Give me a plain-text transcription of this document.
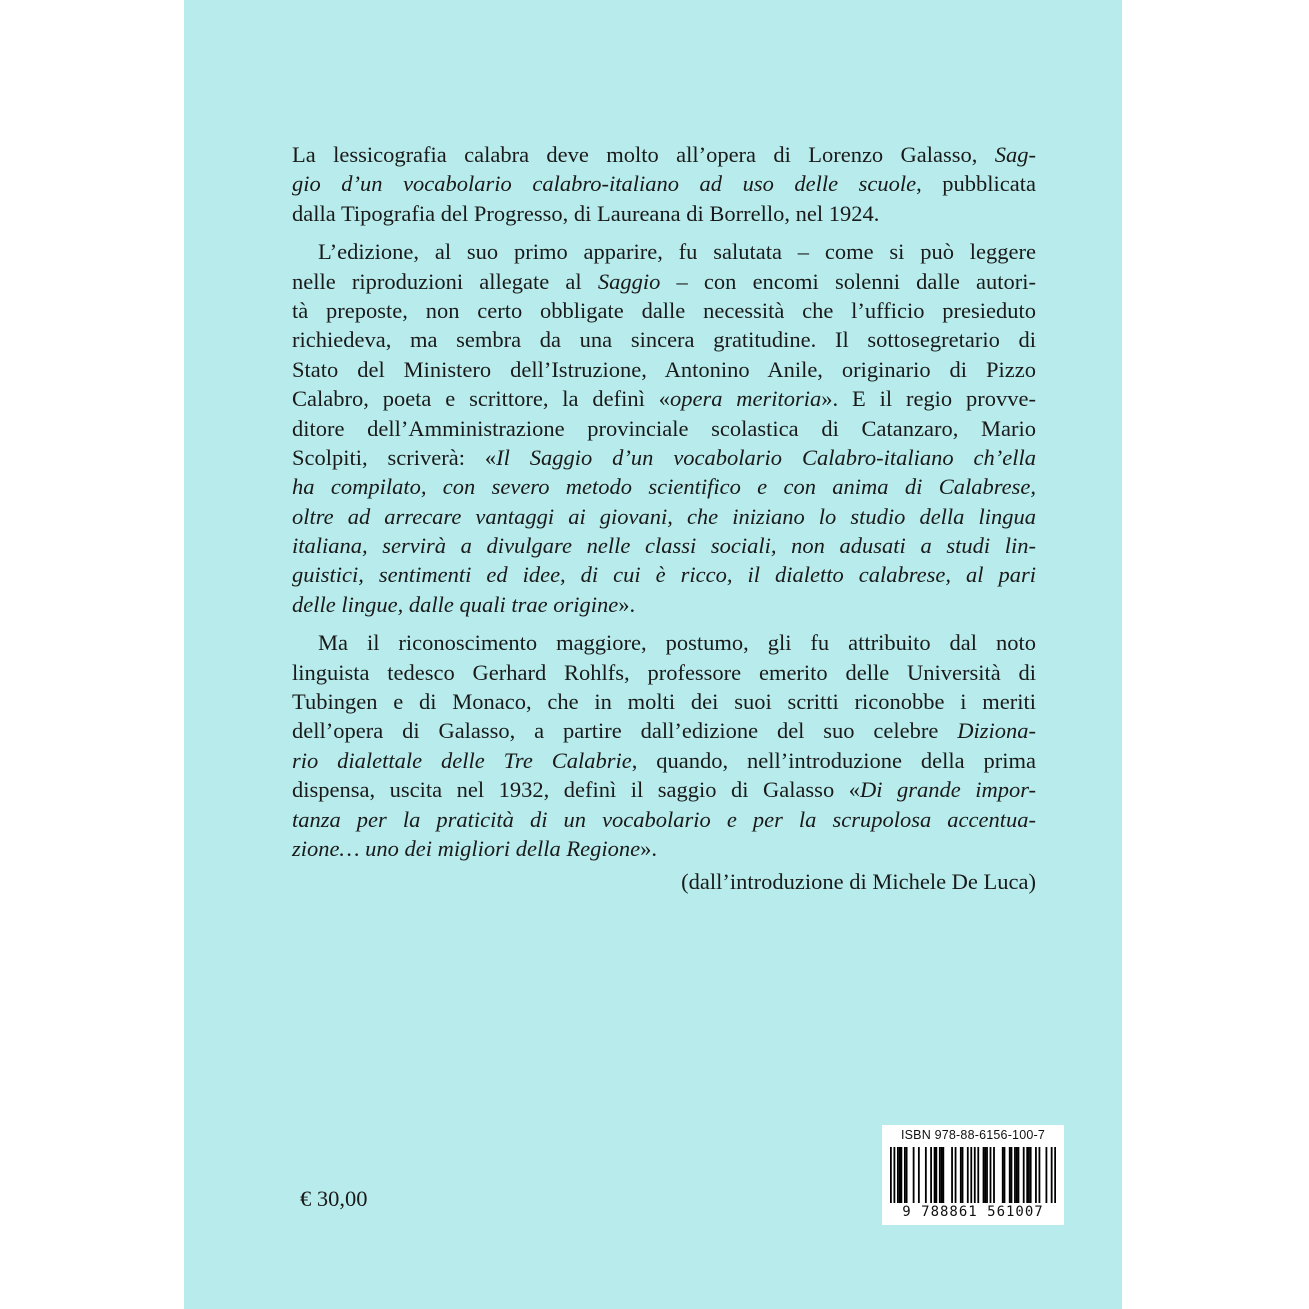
La lessicografia calabra deve molto all’opera di Lorenzo Galasso, Sag-
gio d’un vocabolario calabro-italiano ad uso delle scuole, pubblicata
dalla Tipografia del Progresso, di Laureana di Borrello, nel 1924.
L’edizione, al suo primo apparire, fu salutata – come si può leggere
nelle riproduzioni allegate al Saggio – con encomi solenni dalle autori-
tà preposte, non certo obbligate dalle necessità che l’ufficio presieduto
richiedeva, ma sembra da una sincera gratitudine. Il sottosegretario di
Stato del Ministero dell’Istruzione, Antonino Anile, originario di Pizzo
Calabro, poeta e scrittore, la definì «opera meritoria». E il regio provve-
ditore dell’Amministrazione provinciale scolastica di Catanzaro, Mario
Scolpiti, scriverà: «Il Saggio d’un vocabolario Calabro-italiano ch’ella
ha compilato, con severo metodo scientifico e con anima di Calabrese,
oltre ad arrecare vantaggi ai giovani, che iniziano lo studio della lingua
italiana, servirà a divulgare nelle classi sociali, non adusati a studi lin-
guistici, sentimenti ed idee, di cui è ricco, il dialetto calabrese, al pari
delle lingue, dalle quali trae origine».
Ma il riconoscimento maggiore, postumo, gli fu attribuito dal noto
linguista tedesco Gerhard Rohlfs, professore emerito delle Università di
Tubingen e di Monaco, che in molti dei suoi scritti riconobbe i meriti
dell’opera di Galasso, a partire dall’edizione del suo celebre Diziona-
rio dialettale delle Tre Calabrie, quando, nell’introduzione della prima
dispensa, uscita nel 1932, definì il saggio di Galasso «Di grande impor-
tanza per la praticità di un vocabolario e per la scrupolosa accentua-
zione… uno dei migliori della Regione».
(dall’introduzione di Michele De Luca)
€ 30,00
ISBN 978-88-6156-100-7
9 788861 561007
